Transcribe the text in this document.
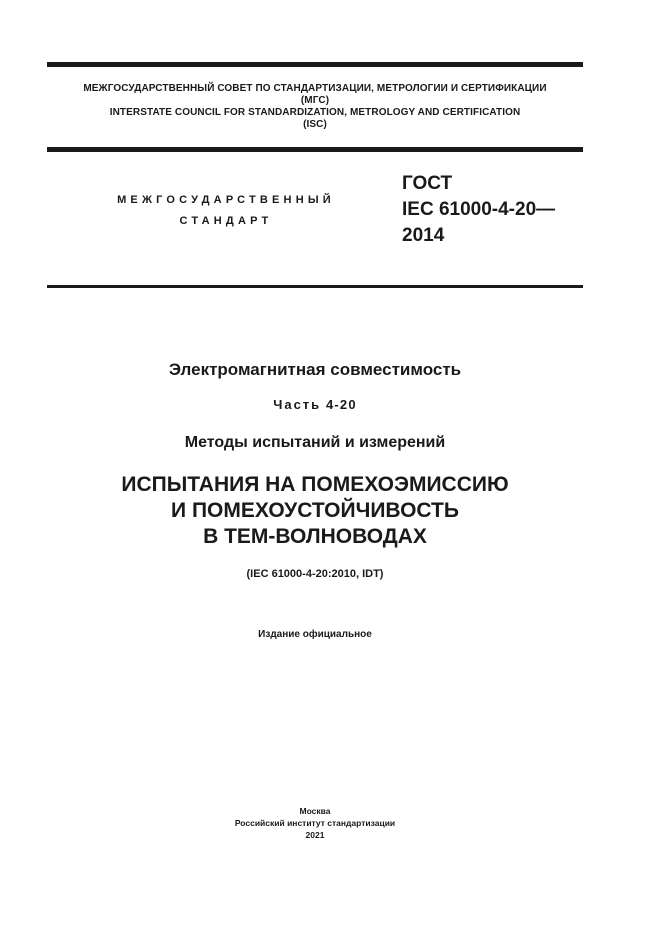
МЕЖГОСУДАРСТВЕННЫЙ СОВЕТ ПО СТАНДАРТИЗАЦИИ, МЕТРОЛОГИИ И СЕРТИФИКАЦИИ
(МГС)
INTERSTATE COUNCIL FOR STANDARDIZATION, METROLOGY AND CERTIFICATION
(ISC)
МЕЖГОСУДАРСТВЕННЫЙ
СТАНДАРТ
ГОСТ
IEC 61000-4-20—
2014
Электромагнитная совместимость
Часть 4-20
Методы испытаний и измерений
ИСПЫТАНИЯ НА ПОМЕХОЭМИССИЮ
И ПОМЕХОУСТОЙЧИВОСТЬ
В ТЕМ-ВОЛНОВОДАХ
(IEC 61000-4-20:2010, IDT)
Издание официальное
Москва
Российский институт стандартизации
2021
